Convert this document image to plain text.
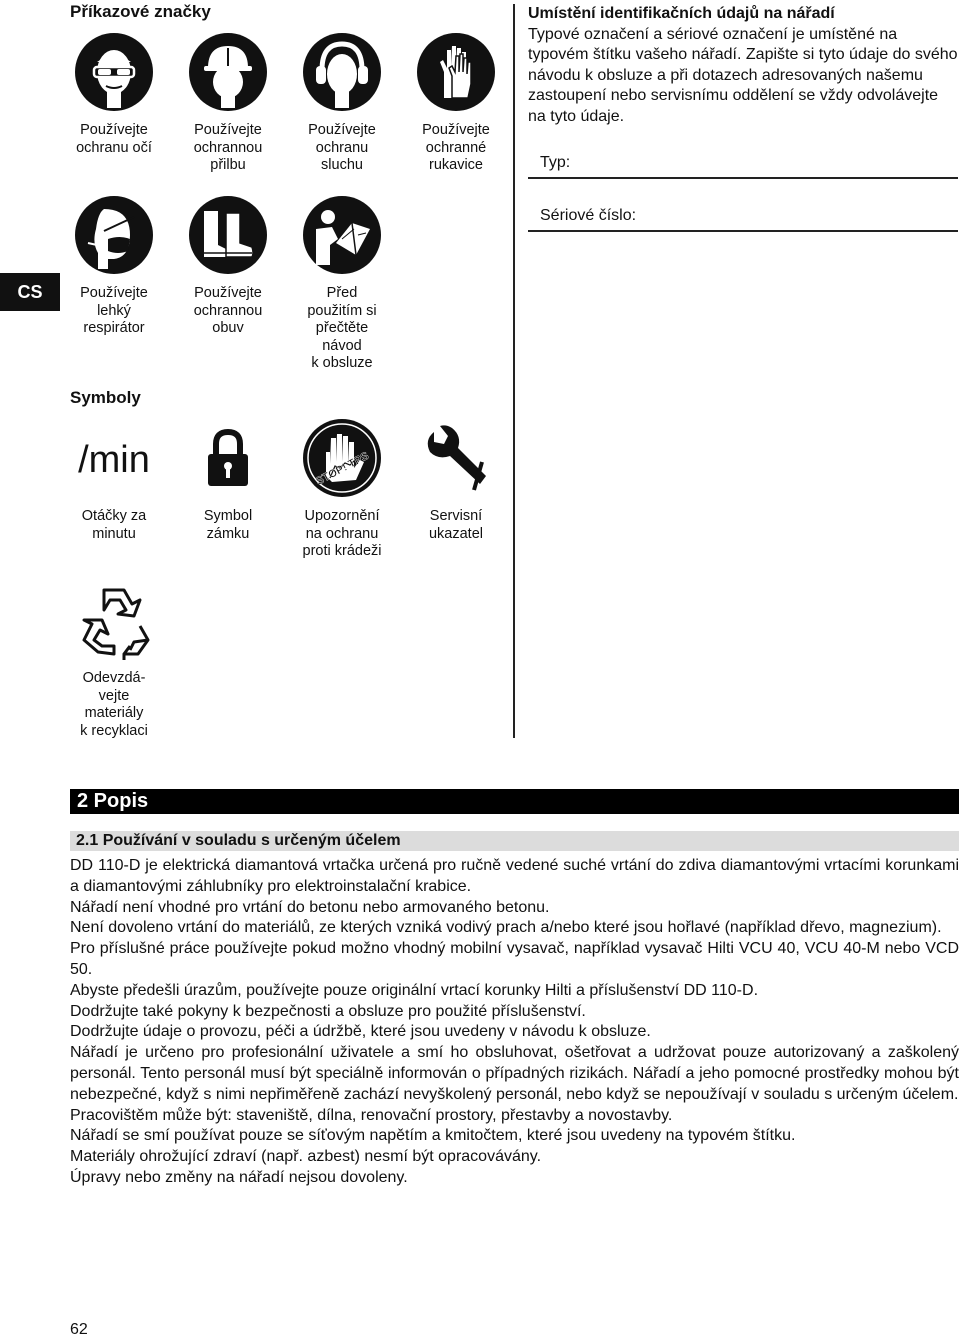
Příkazové značky
Používejte
ochranu očí
Používejte
ochrannou
přilbu
Používejte
ochranu
sluchu
Používejte
ochranné
rukavice
Používejte
lehký
respirátor
Používejte
ochrannou
obuv
Před
použitím si
přečtěte
návod
k obsluze
CS
Symboly
/min
Otáčky za
minutu
Symbol
zámku
STOP! TPS
Upozornění
na ochranu
proti krádeži
Servisní
ukazatel
Odevzdá-
vejte
materiály
k recyklaci
Umístění identifikačních údajů na nářadí
Typové označení a sériové označení je umístěné na typovém štítku vašeho nářadí. Zapište si tyto údaje do svého návodu k obsluze a při dotazech adresovaných našemu zastoupení nebo servisnímu oddělení se vždy odvolávejte na tyto údaje.
Typ:
Sériové číslo:
2 Popis
2.1 Používání v souladu s určeným účelem

DD 110-D je elektrická diamantová vrtačka určená pro ručně vedené suché vrtání do zdiva diamantovými vrtacími korunkami a diamantovými záhlubníky pro elektroinstalační krabice.

Nářadí není vhodné pro vrtání do betonu nebo armovaného betonu.

Není dovoleno vrtání do materiálů, ze kterých vzniká vodivý prach a/nebo které jsou hořlavé (například dřevo, magnezium).

Pro příslušné práce používejte pokud možno vhodný mobilní vysavač, například vysavač Hilti VCU 40, VCU 40-M nebo VCD 50.

Abyste předešli úrazům, používejte pouze originální vrtací korunky Hilti a příslušenství DD 110-D.

Dodržujte také pokyny k bezpečnosti a obsluze pro použité příslušenství.

Dodržujte údaje o provozu, péči a údržbě, které jsou uvedeny v návodu k obsluze.

Nářadí je určeno pro profesionální uživatele a smí ho obsluhovat, ošetřovat a udržovat pouze autorizovaný a zaškolený personál. Tento personál musí být speciálně informován o případných rizikách. Nářadí a jeho pomocné prostředky mohou být nebezpečné, když s nimi nepřiměřeně zachází nevyškolený personál, nebo když se nepoužívají v souladu s určeným účelem.

Pracovištěm může být: staveniště, dílna, renovační prostory, přestavby a novostavby.

Nářadí se smí používat pouze se síťovým napětím a kmitočtem, které jsou uvedeny na typovém štítku.

Materiály ohrožující zdraví (např. azbest) nesmí být opracovávány.

Úpravy nebo změny na nářadí nejsou dovoleny.

62
